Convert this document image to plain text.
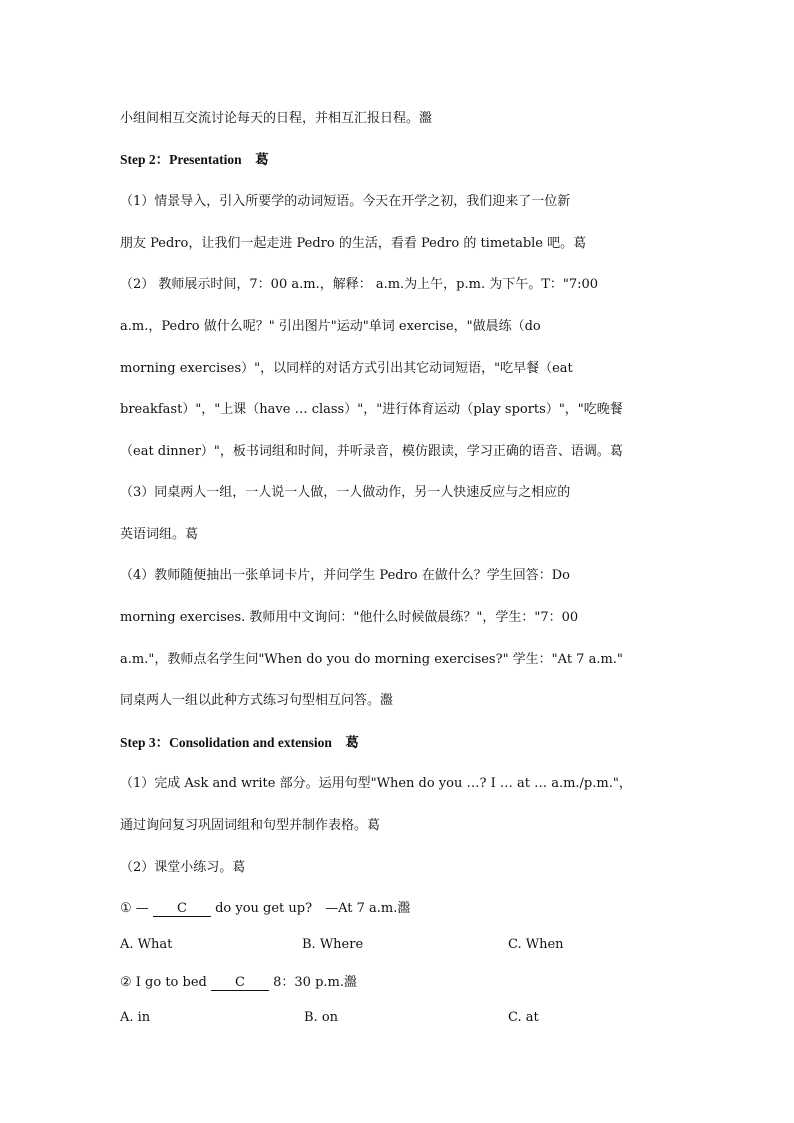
小组间相互交流讨论每天的日程，并相互汇报日程。瀊
Step 2：Presentation　葛
（1）情景导入，引入所要学的动词短语。今天在开学之初，我们迎来了一位新
朋友 Pedro，让我们一起走进 Pedro 的生活，看看 Pedro 的 timetable 吧。葛
（2） 教师展示时间，7：00 a.m.，解释： a.m.为上午，p.m. 为下午。T："7:00
a.m.，Pedro 做什么呢？" 引出图片"运动"单词 exercise，"做晨练（do
morning exercises）"，以同样的对话方式引出其它动词短语，"吃早餐（eat
breakfast）"，"上课（have … class）"，"进行体育运动（play sports）"，"吃晚餐
（eat dinner）"，板书词组和时间，并听录音，模仿跟读，学习正确的语音、语调。葛
（3）同桌两人一组，一人说一人做，一人做动作，另一人快速反应与之相应的
英语词组。葛
（4）教师随便抽出一张单词卡片，并问学生 Pedro 在做什么？学生回答：Do
morning exercises. 教师用中文询问："他什么时候做晨练？"，学生："7：00
a.m."，教师点名学生问"When do you do morning exercises?" 学生："At 7 a.m."
同桌两人一组以此种方式练习句型相互问答。瀊
Step 3：Consolidation and extension　葛
（1）完成 Ask and write 部分。运用句型"When do you …? I … at … a.m./p.m."，
通过询问复习巩固词组和句型并制作表格。葛
（2）课堂小练习。葛
① — C do you get up?　—At 7 a.m.瀊
A. What	B. Where	C. When
② I go to bed C 8：30 p.m.瀊
A. in	B. on	C. at
